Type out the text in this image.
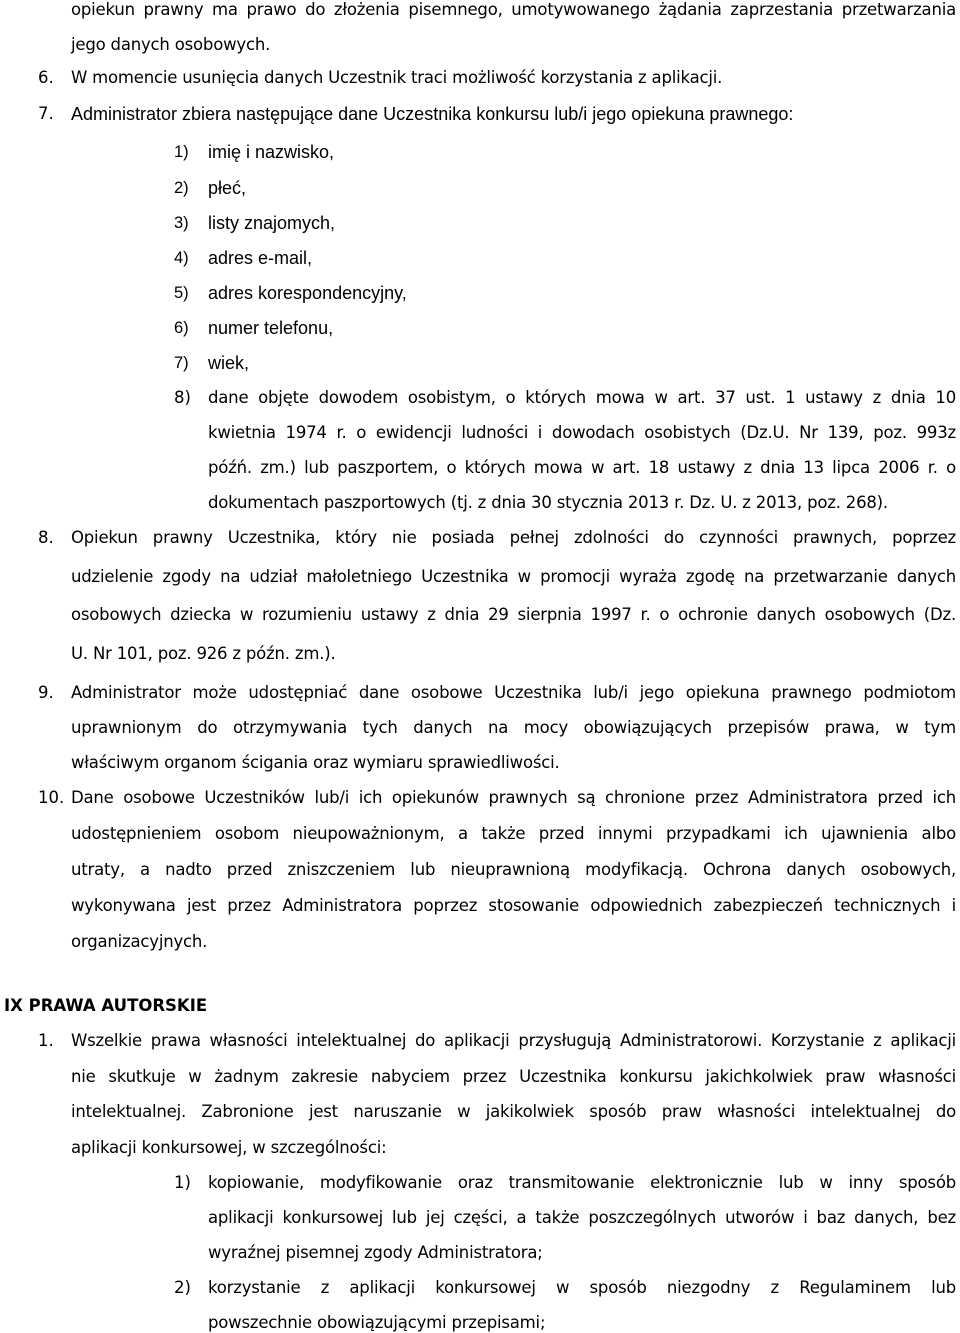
opiekun prawny ma prawo do złożenia pisemnego, umotywowanego żądania zaprzestania przetwarzania
jego danych osobowych.
6. W momencie usunięcia danych Uczestnik traci możliwość korzystania z aplikacji.
7. Administrator zbiera następujące dane Uczestnika konkursu lub/i jego opiekuna prawnego:
1) imię i nazwisko,
2) płeć,
3) listy znajomych,
4) adres e-mail,
5) adres korespondencyjny,
6) numer telefonu,
7) wiek,
8) dane objęte dowodem osobistym, o których mowa w art. 37 ust. 1 ustawy z dnia 10
kwietnia 1974 r. o ewidencji ludności i dowodach osobistych (Dz.U. Nr 139, poz. 993z
późń. zm.) lub paszportem, o których mowa w art. 18 ustawy z dnia 13 lipca 2006 r. o
dokumentach paszportowych (tj. z dnia 30 stycznia 2013 r. Dz. U. z 2013, poz. 268).
8. Opiekun prawny Uczestnika, który nie posiada pełnej zdolności do czynności prawnych, poprzez
udzielenie zgody na udział małoletniego Uczestnika w promocji wyraża zgodę na przetwarzanie danych
osobowych dziecka w rozumieniu ustawy z dnia 29 sierpnia 1997 r. o ochronie danych osobowych (Dz.
U. Nr 101, poz. 926 z późn. zm.).
9. Administrator może udostępniać dane osobowe Uczestnika lub/i jego opiekuna prawnego podmiotom
uprawnionym do otrzymywania tych danych na mocy obowiązujących przepisów prawa, w tym
właściwym organom ścigania oraz wymiaru sprawiedliwości.
10. Dane osobowe Uczestników lub/i ich opiekunów prawnych są chronione przez Administratora przed ich
udostępnieniem osobom nieupoważnionym, a także przed innymi przypadkami ich ujawnienia albo
utraty, a nadto przed zniszczeniem lub nieuprawnioną modyfikacją. Ochrona danych osobowych,
wykonywana jest przez Administratora poprzez stosowanie odpowiednich zabezpieczeń technicznych i
organizacyjnych.
IX PRAWA AUTORSKIE
1. Wszelkie prawa własności intelektualnej do aplikacji przysługują Administratorowi. Korzystanie z aplikacji
nie skutkuje w żadnym zakresie nabyciem przez Uczestnika konkursu jakichkolwiek praw własności
intelektualnej. Zabronione jest naruszanie w jakikolwiek sposób praw własności intelektualnej do
aplikacji konkursowej, w szczególności:
1) kopiowanie, modyfikowanie oraz transmitowanie elektronicznie lub w inny sposób
aplikacji konkursowej lub jej części, a także poszczególnych utworów i baz danych, bez
wyraźnej pisemnej zgody Administratora;
2) korzystanie z aplikacji konkursowej w sposób niezgodny z Regulaminem lub
powszechnie obowiązującymi przepisami;
